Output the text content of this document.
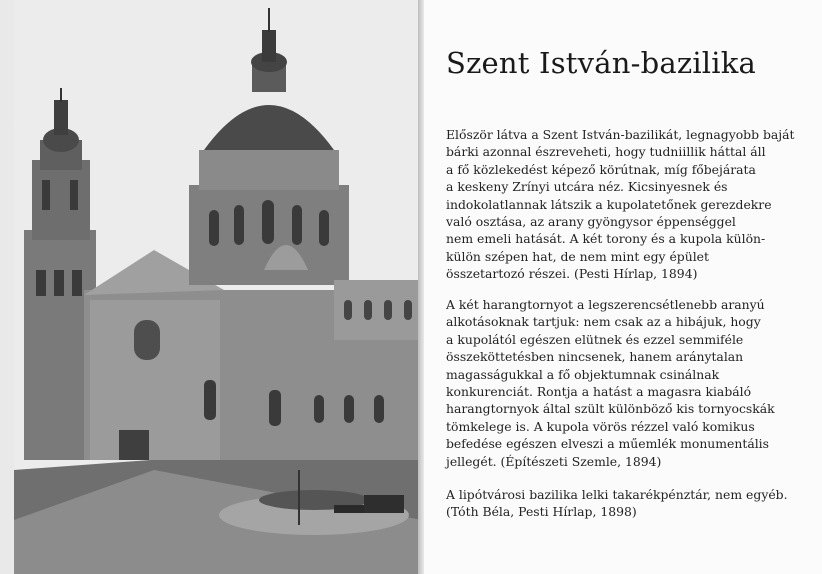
Szent István-bazilika

Először látva a Szent István-bazilikát, legnagyobb baját
bárki azonnal észreveheti, hogy tudniillik háttal áll
a fő közlekedést képező körútnak, míg főbejárata
a keskeny Zrínyi utcára néz. Kicsinyesnek és
indokolatlannak látszik a kupolatetőnek gerezdekre
való osztása, az arany gyöngysor éppenséggel
nem emeli hatását. A két torony és a kupola külön-
külön szépen hat, de nem mint egy épület
összetartozó részei. (Pesti Hírlap, 1894)

A két harangtornyot a legszerencsétlenebb aranyú
alkotásoknak tartjuk: nem csak az a hibájuk, hogy
a kupolától egészen elütnek és ezzel semmiféle
összeköttetésben nincsenek, hanem aránytalan
magasságukkal a fő objektumnak csinálnak
konkurenciát. Rontja a hatást a magasra kiabáló
harangtornyok által szült különböző kis tornyocskák
tömkelege is. A kupola vörös rézzel való komikus
befedése egészen elveszi a műemlék monumentális
jellegét. (Építészeti Szemle, 1894)

A lipótvárosi bazilika lelki takarékpénztár, nem egyéb.
(Tóth Béla, Pesti Hírlap, 1898)
